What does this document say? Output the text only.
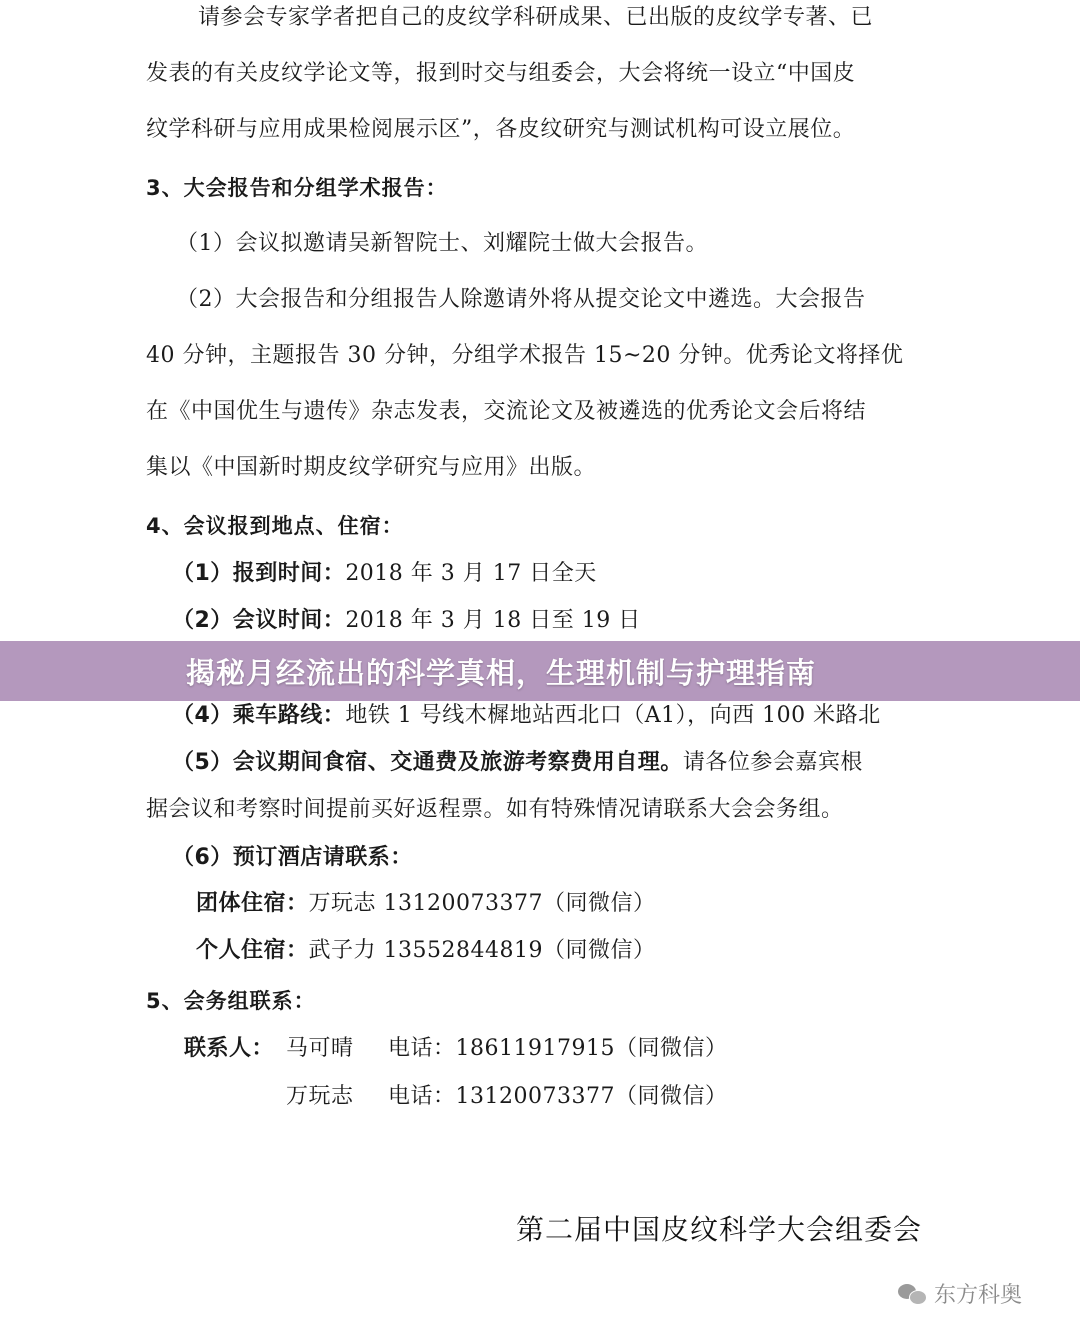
请参会专家学者把自己的皮纹学科研成果、已出版的皮纹学专著、已
发表的有关皮纹学论文等，报到时交与组委会，大会将统一设立“中国皮
纹学科研与应用成果检阅展示区”，各皮纹研究与测试机构可设立展位。
3、大会报告和分组学术报告：
（1）会议拟邀请吴新智院士、刘耀院士做大会报告。
（2）大会报告和分组报告人除邀请外将从提交论文中遴选。大会报告
40 分钟，主题报告 30 分钟，分组学术报告 15~20 分钟。优秀论文将择优
在《中国优生与遗传》杂志发表，交流论文及被遴选的优秀论文会后将结
集以《中国新时期皮纹学研究与应用》出版。
4、会议报到地点、住宿：
（1）报到时间：2018 年 3 月 17 日全天
（2）会议时间：2018 年 3 月 18 日至 19 日
（4）乘车路线：地铁 1 号线木樨地站西北口（A1），向西 100 米路北
（5）会议期间食宿、交通费及旅游考察费用自理。请各位参会嘉宾根
据会议和考察时间提前买好返程票。如有特殊情况请联系大会会务组。
（6）预订酒店请联系：
团体住宿：万玩志 13120073377（同微信）
个人住宿：武子力 13552844819（同微信）
5、会务组联系：
联系人： 马可晴 电话：18611917915（同微信）
万玩志 电话：13120073377（同微信）
第二届中国皮纹科学大会组委会
揭秘月经流出的科学真相，生理机制与护理指南
东方科奥
